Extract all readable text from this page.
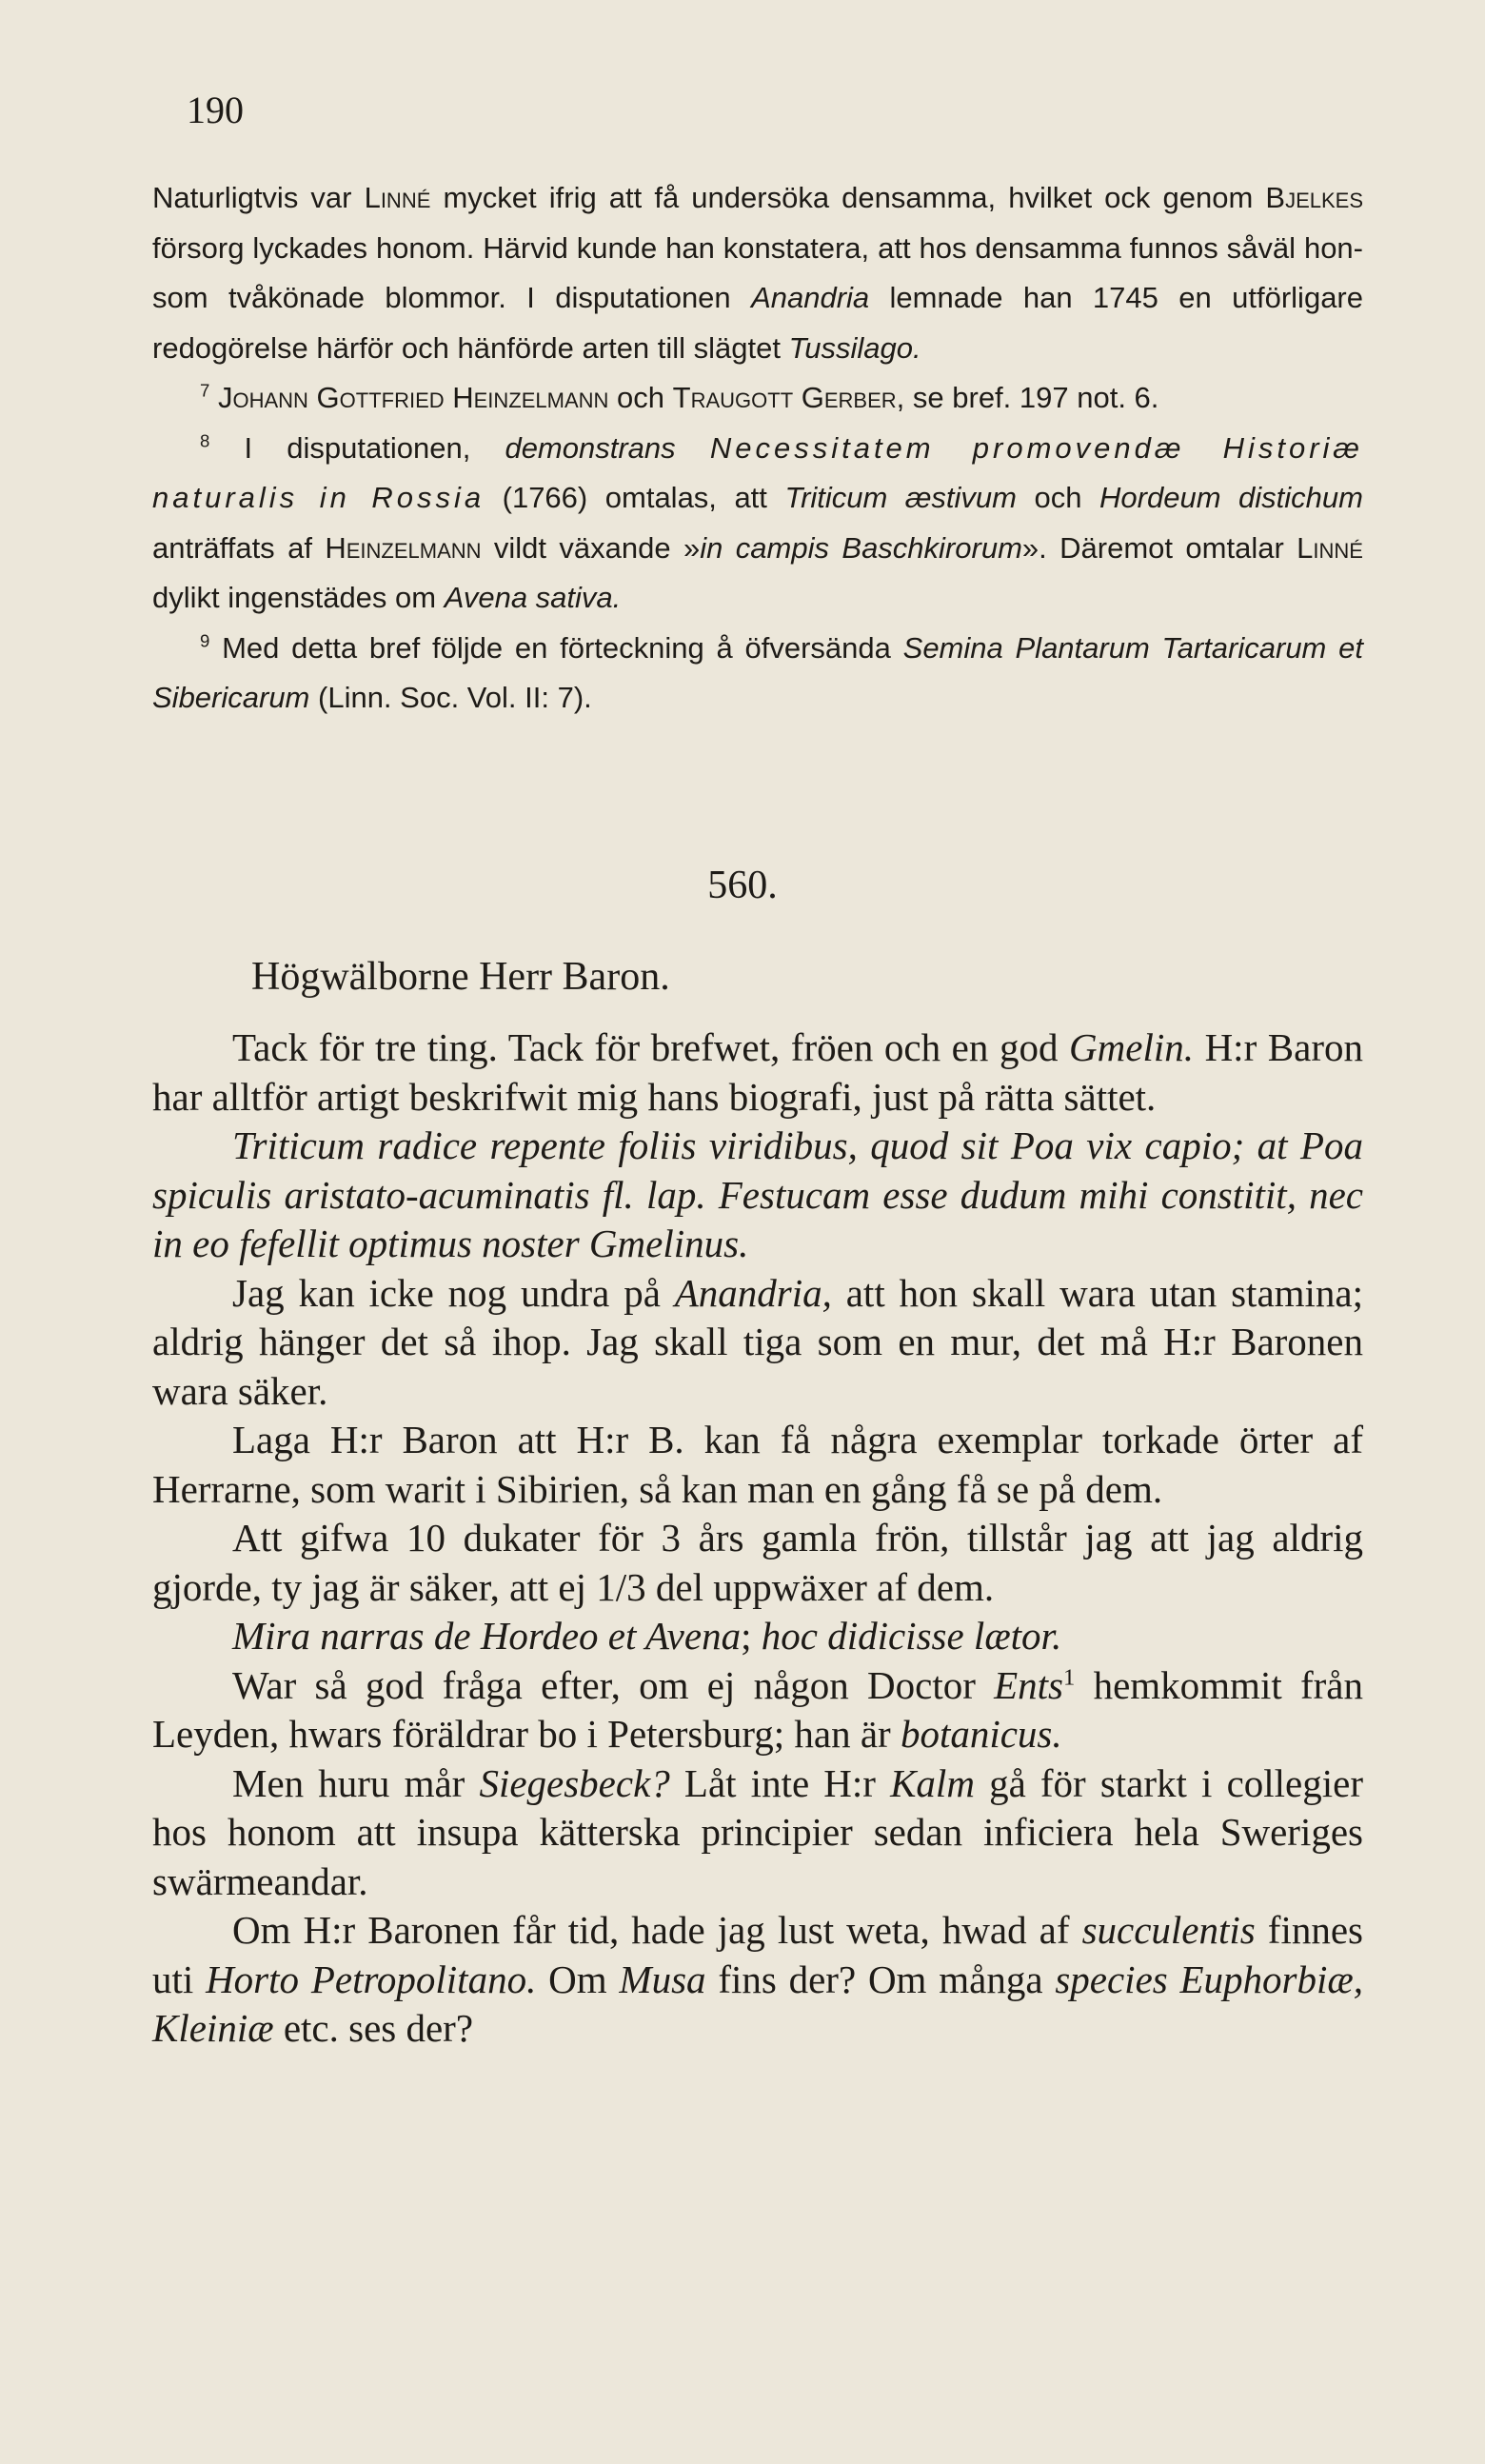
190

Naturligtvis var Linné mycket ifrig att få undersöka densamma, hvilket ock genom Bjelkes försorg lyckades honom. Härvid kunde han konstatera, att hos densamma funnos såväl hon- som tvåkönade blommor. I disputationen Anandria lemnade han 1745 en utförligare redogörelse härför och hänförde arten till slägtet Tussilago.

$^7$ Johann Gottfried Heinzelmann och Traugott Gerber, se bref. 197 not. 6.

$^8$ I disputationen, demonstrans Necessitatem promovendæ Historiæ naturalis in Rossia (1766) omtalas, att Triticum æstivum och Hordeum distichum anträffats af Heinzelmann vildt växande »in campis Baschkirorum». Däremot omtalar Linné dylikt ingenstädes om Avena sativa.

$^9$ Med detta bref följde en förteckning å öfversända Semina Plantarum Tartaricarum et Sibericarum (Linn. Soc. Vol. II: 7).

560.
Högwälborne Herr Baron.

Tack för tre ting. Tack för brefwet, fröen och en god Gmelin. H:r Baron har alltför artigt beskrifwit mig hans biografi, just på rätta sättet.

Triticum radice repente foliis viridibus, quod sit Poa vix capio; at Poa spiculis aristato-acuminatis fl. lap. Festucam esse dudum mihi constitit, nec in eo fefellit optimus noster Gmelinus.

Jag kan icke nog undra på Anandria, att hon skall wara utan stamina; aldrig hänger det så ihop. Jag skall tiga som en mur, det må H:r Baronen wara säker.

Laga H:r Baron att H:r B. kan få några exemplar torkade örter af Herrarne, som warit i Sibirien, så kan man en gång få se på dem.

Att gifwa 10 dukater för 3 års gamla frön, tillstår jag att jag aldrig gjorde, ty jag är säker, att ej 1/3 del uppwäxer af dem.

Mira narras de Hordeo et Avena; hoc didicisse lætor.

War så god fråga efter, om ej någon Doctor Ents$^1$ hemkommit från Leyden, hwars föräldrar bo i Petersburg; han är botanicus.

Men huru mår Siegesbeck? Låt inte H:r Kalm gå för starkt i collegier hos honom att insupa kätterska principier sedan inficiera hela Sweriges swärmeandar.

Om H:r Baronen får tid, hade jag lust weta, hwad af succulentis finnes uti Horto Petropolitano. Om Musa fins der? Om många species Euphorbiæ, Kleiniæ etc. ses der?
